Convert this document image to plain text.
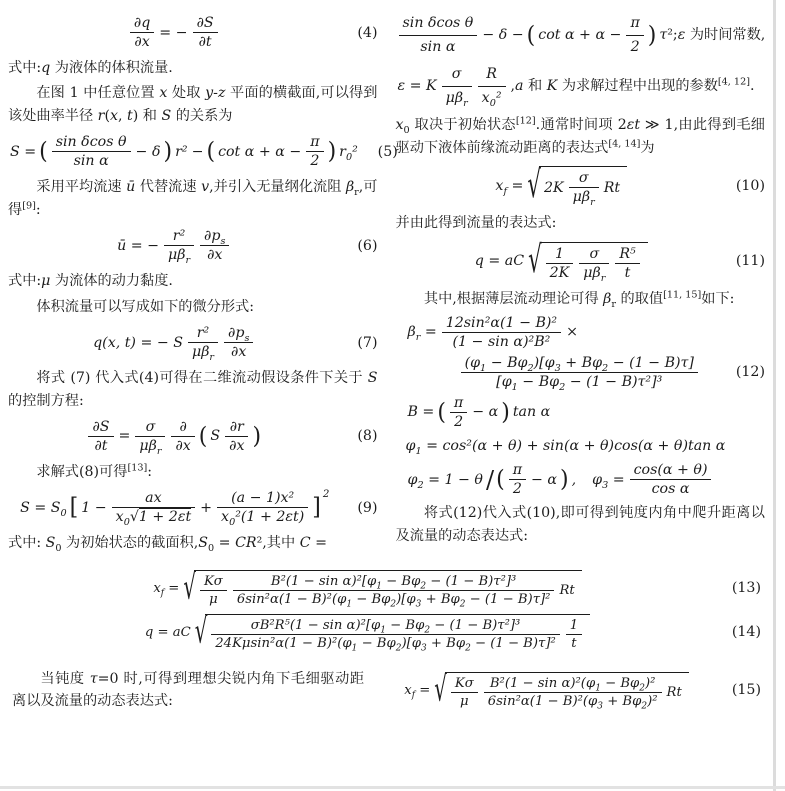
$\frac{\partial q}{\partial x}$ = − $\frac{\partial S}{\partial t}$	(4)
式中:q 为液体的体积流量.
在图 1 中任意位置 x 处取 y-z 平面的横截面,可以得到该处曲率半径 r(x, t) 和 S 的关系为
S = ( sin δcos θ
sin α
− δ ) r² − ( $\cot \alpha + \alpha - \frac{\pi}{2}$ ) $r_0^2$	(5)
采用平均流速 ū 代替流速 v,并引入无量纲化流阻 $\beta_r$,可得[9]:
ū = −
r²
$\mu\beta_r$
$\partial p_s$
∂x
(6)
式中:μ 为流体的动力黏度.
体积流量可以写成如下的微分形式:
q(x, t) = − S
r²
$\mu\beta_r$
$\partial p_s$
∂x
(7)
将式 (7) 代入式(4)可得在二维流动假设条件下关于 S 的控制方程:
$\frac{\partial S}{\partial t}$ =
σ
$\mu\beta_r$
∂
∂x ( S
∂r
∂x )	(8)
求解式(8)可得[13]:
$S = S_0$ [ $1 - \frac{ax}{x_0√1 + 2\varepsilon t} + \frac{\text{(a − 1)x²}}{x_0^2(1 + 2\varepsilon t)}$ ] 2
(9)
式中: $S_0$ 为初始状态的截面积$,S_0 = CR^2$,其中 C =
sin δcos θ
sin α
− δ − ( $\cot \alpha + \alpha - \frac{\pi}{2}$ ) τ²;ε 为时间常数,
ε = K
σ
$\mu\beta_r$
R
$x_0^2$
,a 和 K 为求解过程中出现的参数[4, 12].
$x_0$ 取决于初始状态[12].通常时间项 2εt ≫ 1,由此得到毛细驱动下液体前缘流动距离的表达式[4, 14]为
$x_f$ = √ 2K
σ
$\mu\beta_r$
Rt	(10)
并由此得到流量的表达式:
q = aC √ 1
2K
σ
$\mu\beta_r$
R⁵
t
(11)
其中,根据薄层流动理论可得 $\beta_r$ 的取值[11, 15]如下:
$\beta_r = \frac{\text{12sin²α(1 − B)²}}{\text{(1 − sin α)²B²}}$ ×
$(\varphi_1 - B\varphi_2)[\varphi_3 + B\varphi_2 - (1 - B)\tau]$
$[\varphi_1 - B\varphi_2 - (1 - B)\tau^2]^3$
(12)
B = ( π
2
− α ) tan α
$\varphi_1 = \cos^2(\alpha + \theta) + \sin(\alpha + \theta)\cos(\alpha + \theta)\tan$ α
$\varphi_2 = 1 - \theta$ / ( π
2
− α ) , $\varphi_3 = \frac{\cos(\alpha + \theta)}{\text{cos α}}$
将式(12)代入式(10),即可得到钝度内角中爬升距离以及流量的动态表达式:
$x_f$ = √ Kσ
μ
$B^2(1 - \sin \alpha)^2[\varphi_1 - B\varphi_2 - (1 - B)\tau^2]^3$
$6\sin^2\alpha(1 - B)^2(\varphi_1 - B\varphi_2)[\varphi_3 + B\varphi_2 - (1 - B)\tau]^2$
Rt	(13)
q = aC √	$\sigma B^2R^5(1 - \sin \alpha)^2[\varphi_1 - B\varphi_2 - (1 - B)\tau^2]^3$
$24K\mu\sin^2\alpha(1 - B)^2(\varphi_1 - B\varphi_2)[\varphi_3 + B\varphi_2 - (1 - B)\tau]^2$
1
t
(14)
当钝度 τ=0 时,可得到理想尖锐内角下毛细驱动距离以及流量的动态表达式:
$x_f$ = √ Kσ
μ
$B^2(1 - \sin \alpha)^2(\varphi_1 - B\varphi_2)^2$
$6\sin^2\alpha(1 - B)^2(\varphi_3 + B\varphi_2)^2$
Rt	(15)
